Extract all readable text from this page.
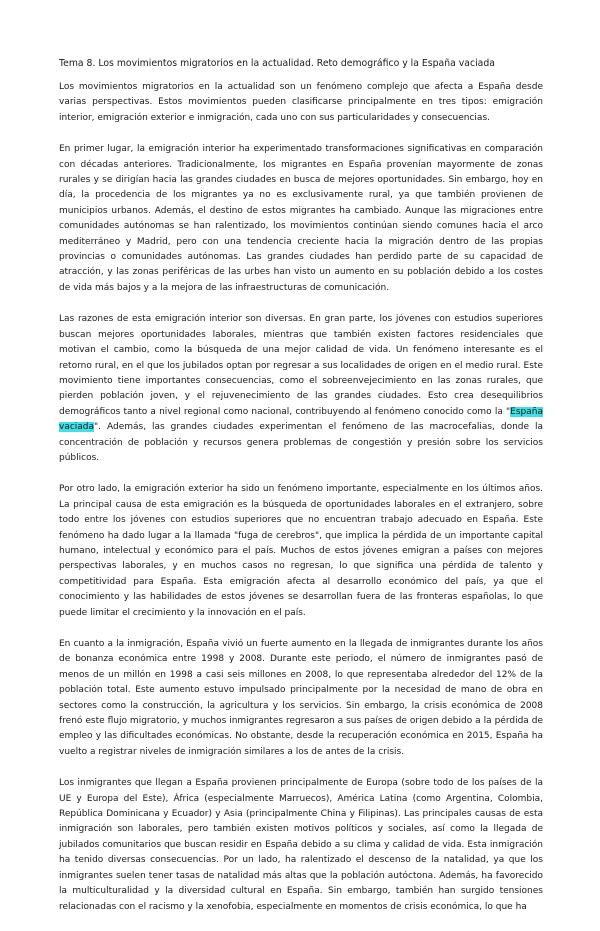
Tema 8. Los movimientos migratorios en la actualidad. Reto demográfico y la España vaciada

Los movimientos migratorios en la actualidad son un fenómeno complejo que afecta a España desde varias perspectivas. Estos movimientos pueden clasificarse principalmente en tres tipos: emigración interior, emigración exterior e inmigración, cada uno con sus particularidades y consecuencias.

En primer lugar, la emigración interior ha experimentado transformaciones significativas en comparación con décadas anteriores. Tradicionalmente, los migrantes en España provenían mayormente de zonas rurales y se dirigían hacia las grandes ciudades en busca de mejores oportunidades. Sin embargo, hoy en día, la procedencia de los migrantes ya no es exclusivamente rural, ya que también provienen de municipios urbanos. Además, el destino de estos migrantes ha cambiado. Aunque las migraciones entre comunidades autónomas se han ralentizado, los movimientos continúan siendo comunes hacia el arco mediterráneo y Madrid, pero con una tendencia creciente hacia la migración dentro de las propias provincias o comunidades autónomas. Las grandes ciudades han perdido parte de su capacidad de atracción, y las zonas periféricas de las urbes han visto un aumento en su población debido a los costes de vida más bajos y a la mejora de las infraestructuras de comunicación.

Las razones de esta emigración interior son diversas. En gran parte, los jóvenes con estudios superiores buscan mejores oportunidades laborales, mientras que también existen factores residenciales que motivan el cambio, como la búsqueda de una mejor calidad de vida. Un fenómeno interesante es el retorno rural, en el que los jubilados optan por regresar a sus localidades de origen en el medio rural. Este movimiento tiene importantes consecuencias, como el sobreenvejecimiento en las zonas rurales, que pierden población joven, y el rejuvenecimiento de las grandes ciudades. Esto crea desequilibrios demográficos tanto a nivel regional como nacional, contribuyendo al fenómeno conocido como la "España vaciada". Además, las grandes ciudades experimentan el fenómeno de las macrocefalias, donde la concentración de población y recursos genera problemas de congestión y presión sobre los servicios públicos.

Por otro lado, la emigración exterior ha sido un fenómeno importante, especialmente en los últimos años. La principal causa de esta emigración es la búsqueda de oportunidades laborales en el extranjero, sobre todo entre los jóvenes con estudios superiores que no encuentran trabajo adecuado en España. Este fenómeno ha dado lugar a la llamada "fuga de cerebros", que implica la pérdida de un importante capital humano, intelectual y económico para el país. Muchos de estos jóvenes emigran a países con mejores perspectivas laborales, y en muchos casos no regresan, lo que significa una pérdida de talento y competitividad para España. Esta emigración afecta al desarrollo económico del país, ya que el conocimiento y las habilidades de estos jóvenes se desarrollan fuera de las fronteras españolas, lo que puede limitar el crecimiento y la innovación en el país.

En cuanto a la inmigración, España vivió un fuerte aumento en la llegada de inmigrantes durante los años de bonanza económica entre 1998 y 2008. Durante este periodo, el número de inmigrantes pasó de menos de un millón en 1998 a casi seis millones en 2008, lo que representaba alrededor del 12% de la población total. Este aumento estuvo impulsado principalmente por la necesidad de mano de obra en sectores como la construcción, la agricultura y los servicios. Sin embargo, la crisis económica de 2008 frenó este flujo migratorio, y muchos inmigrantes regresaron a sus países de origen debido a la pérdida de empleo y las dificultades económicas. No obstante, desde la recuperación económica en 2015, España ha vuelto a registrar niveles de inmigración similares a los de antes de la crisis.

Los inmigrantes que llegan a España provienen principalmente de Europa (sobre todo de los países de la UE y Europa del Este), África (especialmente Marruecos), América Latina (como Argentina, Colombia, República Dominicana y Ecuador) y Asia (principalmente China y Filipinas). Las principales causas de esta inmigración son laborales, pero también existen motivos políticos y sociales, así como la llegada de jubilados comunitarios que buscan residir en España debido a su clima y calidad de vida. Esta inmigración ha tenido diversas consecuencias. Por un lado, ha ralentizado el descenso de la natalidad, ya que los inmigrantes suelen tener tasas de natalidad más altas que la población autóctona. Además, ha favorecido la multiculturalidad y la diversidad cultural en España. Sin embargo, también han surgido tensiones relacionadas con el racismo y la xenofobia, especialmente en momentos de crisis económica, lo que ha
